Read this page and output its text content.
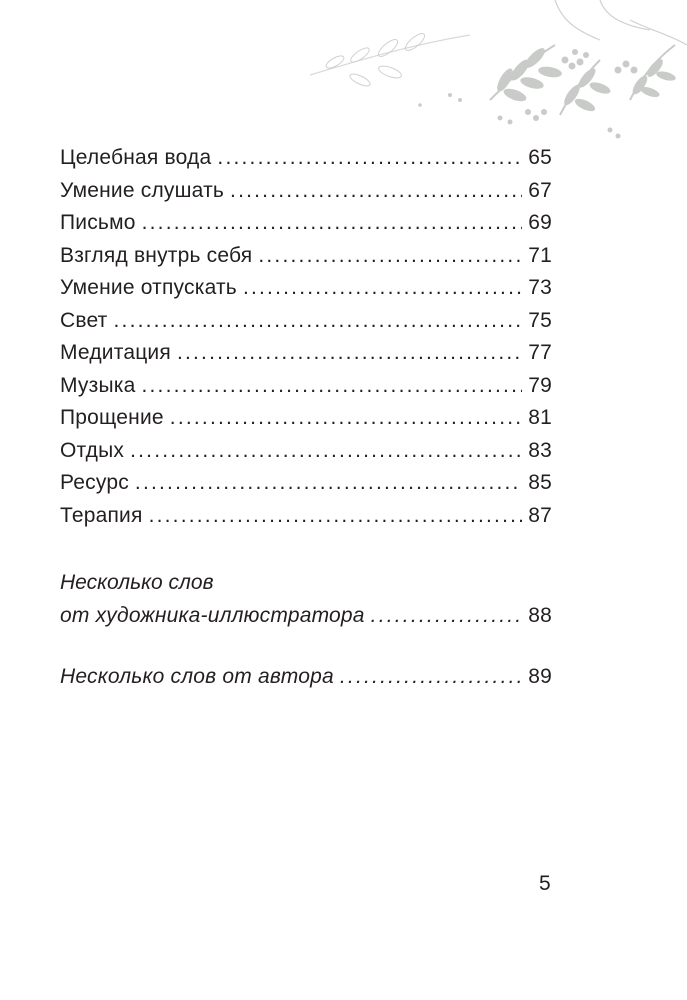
Целебная вода .....	65
Умение слушать .....	67
Письмо .....	69
Взгляд внутрь себя .....	71
Умение отпускать .....	73
Свет .....	75
Медитация .....	77
Музыка .....	79
Прощение .....	81
Отдых .....	83
Ресурс .....	85
Терапия .....	87
Несколько слов
от художника-иллюстратора .....	88
Несколько слов от автора .....	89
5
